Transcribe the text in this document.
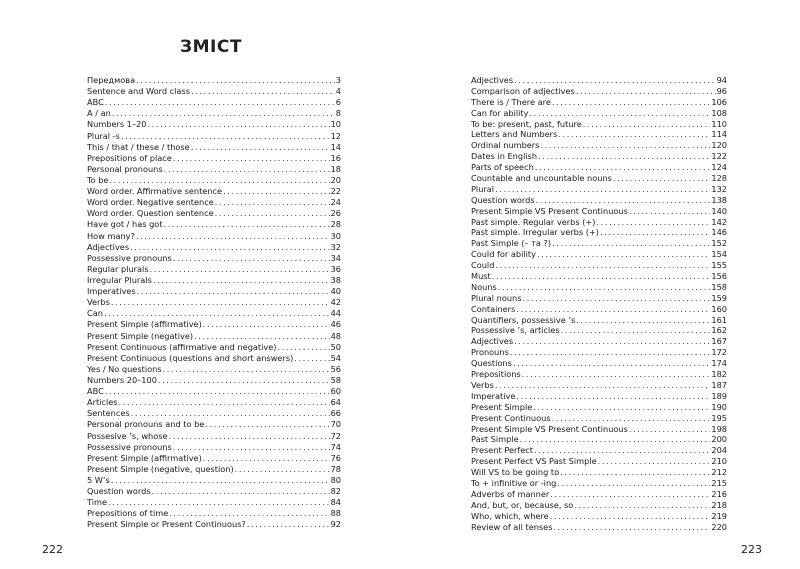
ЗМІСТ
Передмова .....	3
Sentence and Word class .....	4
ABC .....	6
A / an .....	8
Numbers 1–20 .....	10
Plural -s .....	12
This / that / these / those .....	14
Prepositions of place .....	16
Personal pronouns .....	18
To be .....	20
Word order. Affirmative sentence .....	22
Word order. Negative sentence .....	24
Word order. Question sentence .....	26
Have got / has got .....	28
How many? .....	30
Adjectives .....	32
Possessive pronouns .....	34
Regular plurals .....	36
Irregular Plurals .....	38
Imperatives .....	40
Verbs .....	42
Can .....	44
Present Simple (affirmative) .....	46
Present Simple (negative) .....	48
Present Continuous (affirmative and negative) .....	50
Present Continuous (questions and short answers) .....	54
Yes / No questions .....	56
Numbers 20–100 .....	58
ABC .....	60
Articles .....	64
Sentences .....	66
Personal pronouns and to be .....	70
Possesive ’s, whose .....	72
Possessive pronouns .....	74
Present Simple (affirmative) .....	76
Present Simple (negative, question) .....	78
5 W’s .....	80
Question words .....	82
Time .....	84
Prepositions of time .....	88
Present Simple or Present Continuous? .....	92
222
Adjectives .....	94
Comparison of adjectives .....	96
There is / There are .....	106
Can for ability .....	108
To be: present, past, future .....	110
Letters and Numbers .....	114
Ordinal numbers .....	120
Dates in English .....	122
Parts of speech .....	124
Countable and uncountable nouns .....	128
Plural .....	132
Question words .....	138
Present Simple VS Present Continuous .....	140
Past simple. Regular verbs (+) .....	142
Past simple. Irregular verbs (+) .....	146
Past Simple (– та ?) .....	152
Could for ability .....	154
Could .....	155
Must .....	156
Nouns .....	158
Plural nouns .....	159
Containers .....	160
Quantifiers, possessive ’s .....	161
Possessive ’s, articles .....	162
Adjectives .....	167
Pronouns .....	172
Questions .....	174
Prepositions .....	182
Verbs .....	187
Imperative .....	189
Present Simple .....	190
Present Continuous .....	195
Present Simple VS Present Continuous .....	198
Past Simple .....	200
Present Perfect .....	204
Present Perfect VS Past Simple .....	210
Will VS to be going to .....	212
To + infinitive or -ing .....	215
Adverbs of manner .....	216
And, but, or, because, so .....	218
Who, which, where .....	219
Review of all tenses .....	220
223
